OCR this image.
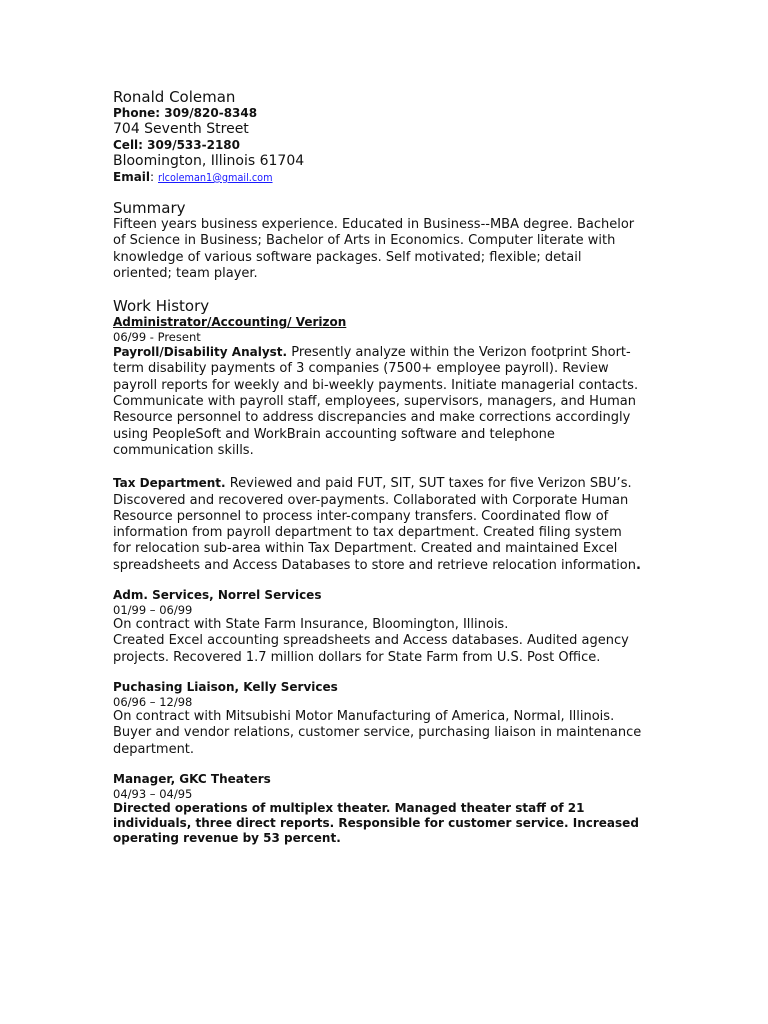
Ronald Coleman

Phone: 309/820-8348

704 Seventh Street

Cell: 309/533-2180

Bloomington, Illinois 61704

Email: rlcoleman1@gmail.com

Summary

Fifteen years business experience. Educated in Business--MBA degree. Bachelor of Science in Business; Bachelor of Arts in Economics. Computer literate with knowledge of various software packages. Self motivated; flexible; detail oriented; team player.

Work History

Administrator/Accounting/ Verizon

06/99 - Present

Payroll/Disability Analyst. Presently analyze within the Verizon footprint Short-term disability payments of 3 companies (7500+ employee payroll). Review payroll reports for weekly and bi-weekly payments. Initiate managerial contacts. Communicate with payroll staff, employees, supervisors, managers, and Human Resource personnel to address discrepancies and make corrections accordingly using PeopleSoft and WorkBrain accounting software and telephone communication skills.

Tax Department. Reviewed and paid FUT, SIT, SUT taxes for five Verizon SBU’s. Discovered and recovered over-payments. Collaborated with Corporate Human Resource personnel to process inter-company transfers. Coordinated flow of information from payroll department to tax department. Created filing system for relocation sub-area within Tax Department. Created and maintained Excel spreadsheets and Access Databases to store and retrieve relocation information.

Adm. Services, Norrel Services

01/99 – 06/99

On contract with State Farm Insurance, Bloomington, Illinois.

Created Excel accounting spreadsheets and Access databases. Audited agency projects. Recovered 1.7 million dollars for State Farm from U.S. Post Office.

Puchasing Liaison, Kelly Services

06/96 – 12/98

On contract with Mitsubishi Motor Manufacturing of America, Normal, Illinois.

Buyer and vendor relations, customer service, purchasing liaison in maintenance department.

Manager, GKC Theaters

04/93 – 04/95

Directed operations of multiplex theater. Managed theater staff of 21 individuals, three direct reports. Responsible for customer service. Increased operating revenue by 53 percent.
